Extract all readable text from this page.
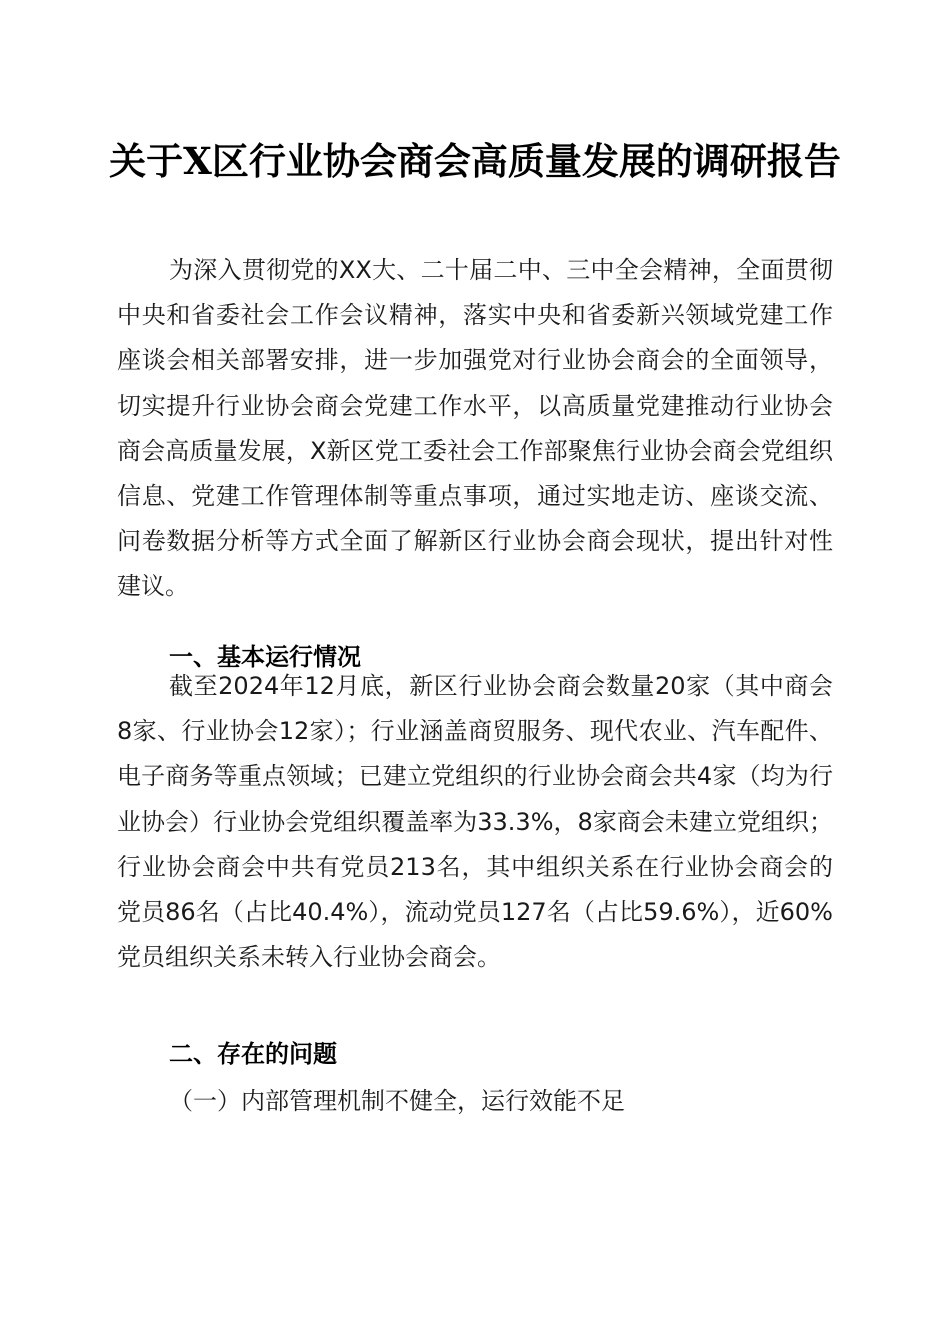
关于X区行业协会商会高质量发展的调研报告

为深入贯彻党的XX大、二十届二中、三中全会精神，全面贯彻中央和省委社会工作会议精神，落实中央和省委新兴领域党建工作座谈会相关部署安排，进一步加强党对行业协会商会的全面领导，切实提升行业协会商会党建工作水平，以高质量党建推动行业协会商会高质量发展，X新区党工委社会工作部聚焦行业协会商会党组织信息、党建工作管理体制等重点事项，通过实地走访、座谈交流、问卷数据分析等方式全面了解新区行业协会商会现状，提出针对性建议。

一、基本运行情况

截至2024年12月底，新区行业协会商会数量20家（其中商会8家、行业协会12家）；行业涵盖商贸服务、现代农业、汽车配件、电子商务等重点领域；已建立党组织的行业协会商会共4家（均为行业协会）行业协会党组织覆盖率为33.3%，8家商会未建立党组织；行业协会商会中共有党员213名，其中组织关系在行业协会商会的党员86名（占比40.4%），流动党员127名（占比59.6%），近60%党员组织关系未转入行业协会商会。

二、存在的问题

（一）内部管理机制不健全，运行效能不足
